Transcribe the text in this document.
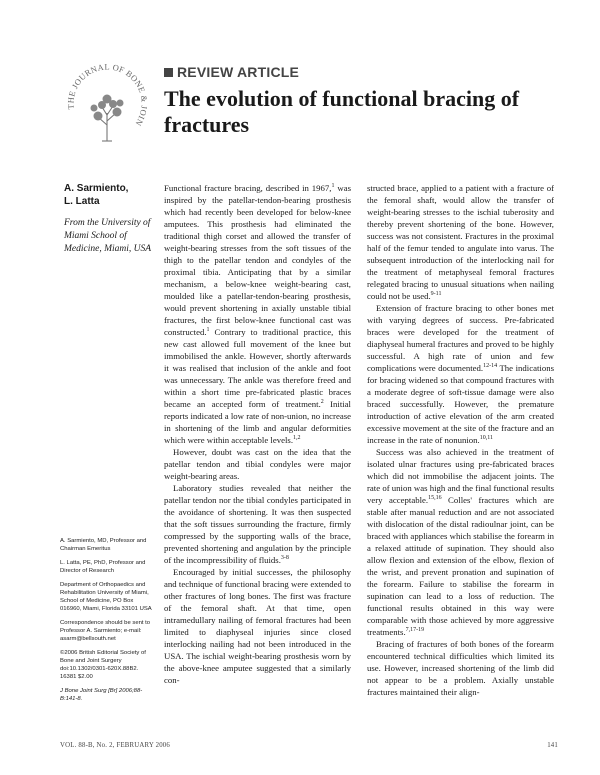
THE JOURNAL OF BONE & JOIN
REVIEW ARTICLE
The evolution of functional bracing of fractures
A. Sarmiento,
L. Latta
From the University of Miami School of Medicine, Miami, USA

A. Sarmiento, MD, Professor and Chairman Emeritus

L. Latta, PE, PhD, Professor and Director of Research

Department of Orthopaedics and Rehabilitation University of Miami, School of Medicine, PO Box 016960, Miami, Florida 33101 USA

Correspondence should be sent to Professor A. Sarmiento; e-mail: asarm@bellsouth.net

©2006 British Editorial Society of Bone and Joint Surgery doi:10.1302/0301-620X.88B2. 16381 $2.00

J Bone Joint Surg [Br] 2006;88-B:141-8.

Functional fracture bracing, described in 1967,$^1$ was inspired by the patellar-tendon-bearing prosthesis which had recently been developed for below-knee amputees. This prosthesis had eliminated the traditional thigh corset and allowed the transfer of weight-bearing stresses from the soft tissues of the thigh to the patellar tendon and condyles of the proximal tibia. Anticipating that by a similar mechanism, a below-knee weight-bearing cast, moulded like a patellar-tendon-bearing prosthesis, would prevent shortening in axially unstable tibial fractures, the first below-knee functional cast was constructed.$^1$ Contrary to traditional practice, this new cast allowed full movement of the knee but immobilised the ankle. However, shortly afterwards it was realised that inclusion of the ankle and foot was unnecessary. The ankle was therefore freed and within a short time pre-fabricated plastic braces became an accepted form of treatment.$^2$ Initial reports indicated a low rate of non-union, no increase in shortening of the limb and angular deformities which were within acceptable levels.$^{1,2}$

However, doubt was cast on the idea that the patellar tendon and tibial condyles were major weight-bearing areas.

Laboratory studies revealed that neither the patellar tendon nor the tibial condyles participated in the avoidance of shortening. It was then suspected that the soft tissues surrounding the fracture, firmly compressed by the supporting walls of the brace, prevented shortening and angulation by the principle of the incompressibility of fluids.$^{3-8}$

Encouraged by initial successes, the philosophy and technique of functional bracing were extended to other fractures of long bones. The first was fracture of the femoral shaft. At that time, open intramedullary nailing of femoral fractures had been limited to diaphyseal injuries since closed interlocking nailing had not been introduced in the USA. The ischial weight-bearing prosthesis worn by the above-knee amputee suggested that a similarly con-

structed brace, applied to a patient with a fracture of the femoral shaft, would allow the transfer of weight-bearing stresses to the ischial tuberosity and thereby prevent shortening of the bone. However, success was not consistent. Fractures in the proximal half of the femur tended to angulate into varus. The subsequent introduction of the interlocking nail for the treatment of metaphyseal femoral fractures relegated bracing to unusual situations when nailing could not be used.$^{9-11}$

Extension of fracture bracing to other bones met with varying degrees of success. Pre-fabricated braces were developed for the treatment of diaphyseal humeral fractures and proved to be highly successful. A high rate of union and few complications were documented.$^{12-14}$ The indications for bracing widened so that compound fractures with a moderate degree of soft-tissue damage were also braced successfully. However, the premature introduction of active elevation of the arm created excessive movement at the site of the fracture and an increase in the rate of nonunion.$^{10,11}$

Success was also achieved in the treatment of isolated ulnar fractures using pre-fabricated braces which did not immobilise the adjacent joints. The rate of union was high and the final functional results very acceptable.$^{15,16}$ Colles' fractures which are stable after manual reduction and are not associated with dislocation of the distal radioulnar joint, can be braced with appliances which stabilise the forearm in a relaxed attitude of supination. They should also allow flexion and extension of the elbow, flexion of the wrist, and prevent pronation and supination of the forearm. Failure to stabilise the forearm in supination can lead to a loss of reduction. The functional results obtained in this way were comparable with those achieved by more aggressive treatments.$^{7,17-19}$

Bracing of fractures of both bones of the forearm encountered technical difficulties which limited its use. However, increased shortening of the limb did not appear to be a problem. Axially unstable fractures maintained their align-

VOL. 88-B, No. 2, FEBRUARY 2006	141
